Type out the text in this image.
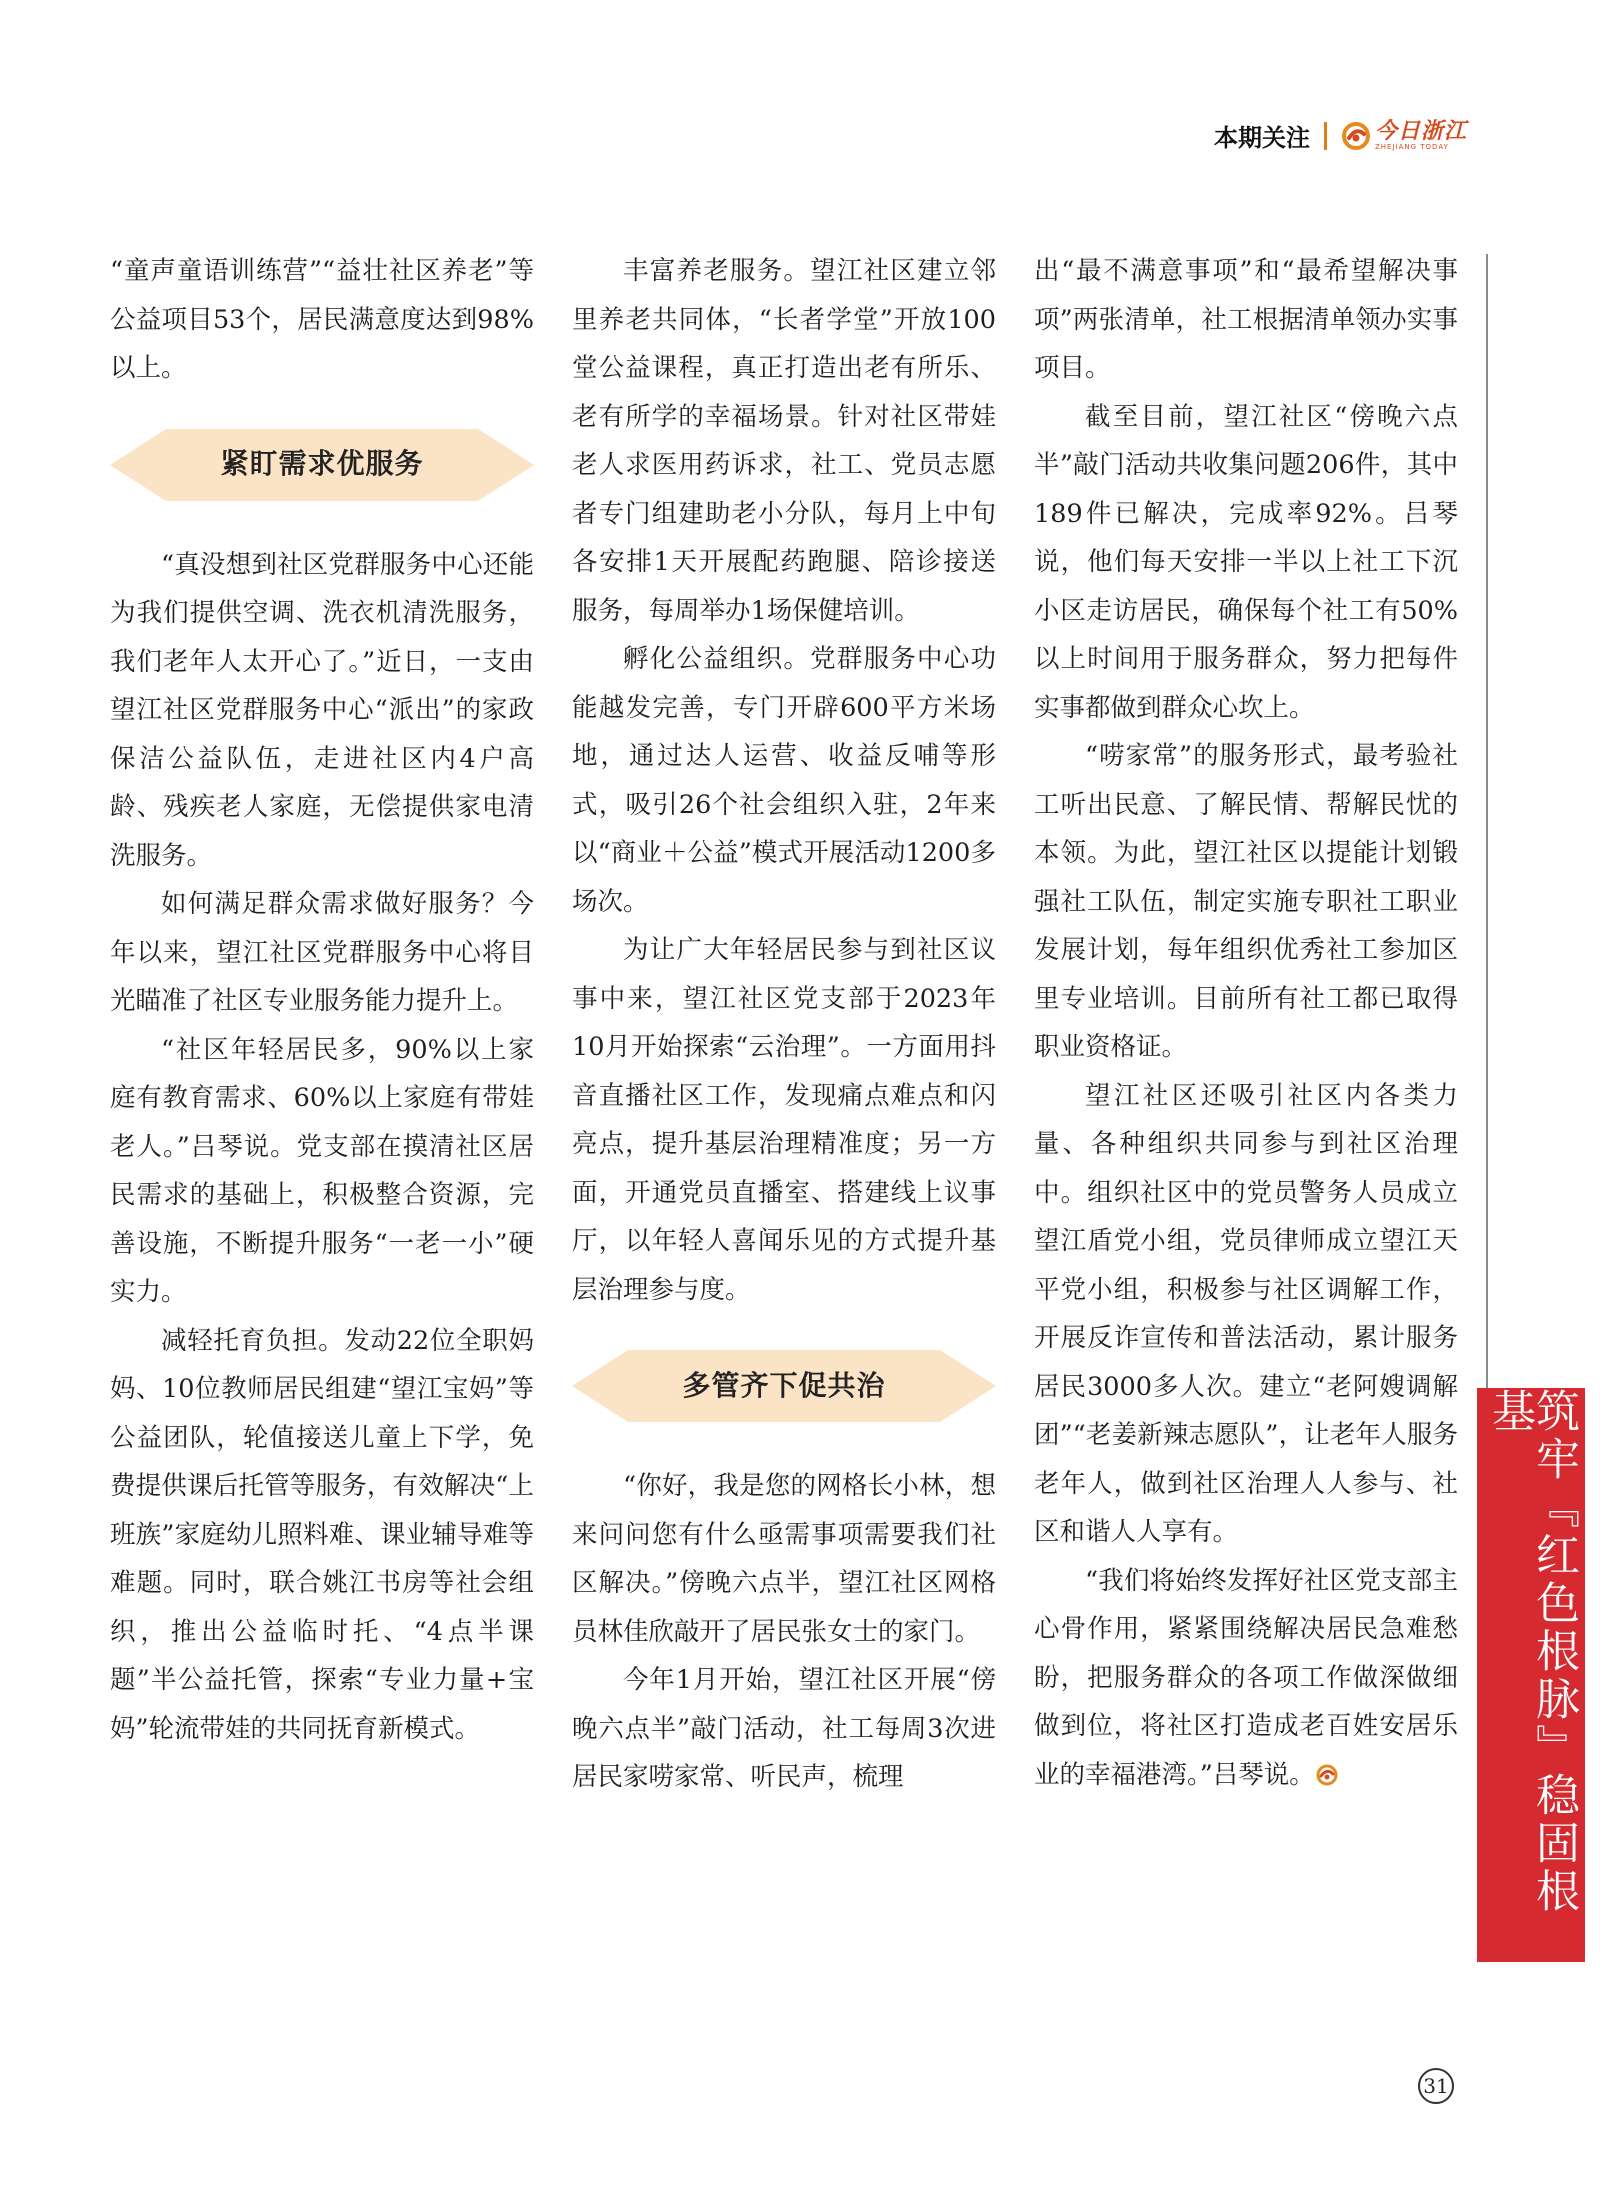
本期关注	今日浙江
ZHEJIANG TODAY

“童声童语训练营”“益壮社区养老”等公益项目53个，居民满意度达到98%以上。

紧盯需求优服务

“真没想到社区党群服务中心还能为我们提供空调、洗衣机清洗服务，我们老年人太开心了。”近日，一支由望江社区党群服务中心“派出”的家政保洁公益队伍，走进社区内4户高龄、残疾老人家庭，无偿提供家电清洗服务。

如何满足群众需求做好服务？今年以来，望江社区党群服务中心将目光瞄准了社区专业服务能力提升上。

“社区年轻居民多，90%以上家庭有教育需求、60%以上家庭有带娃老人。”吕琴说。党支部在摸清社区居民需求的基础上，积极整合资源，完善设施，不断提升服务“一老一小”硬实力。

减轻托育负担。发动22位全职妈妈、10位教师居民组建“望江宝妈”等公益团队，轮值接送儿童上下学，免费提供课后托管等服务，有效解决“上班族”家庭幼儿照料难、课业辅导难等难题。同时，联合姚江书房等社会组织，推出公益临时托、“4点半课题”半公益托管，探索“专业力量+宝妈”轮流带娃的共同抚育新模式。

丰富养老服务。望江社区建立邻里养老共同体，“长者学堂”开放100堂公益课程，真正打造出老有所乐、老有所学的幸福场景。针对社区带娃老人求医用药诉求，社工、党员志愿者专门组建助老小分队，每月上中旬各安排1天开展配药跑腿、陪诊接送服务，每周举办1场保健培训。

孵化公益组织。党群服务中心功能越发完善，专门开辟600平方米场地，通过达人运营、收益反哺等形式，吸引26个社会组织入驻，2年来以“商业＋公益”模式开展活动1200多场次。

为让广大年轻居民参与到社区议事中来，望江社区党支部于2023年10月开始探索“云治理”。一方面用抖音直播社区工作，发现痛点难点和闪亮点，提升基层治理精准度；另一方面，开通党员直播室、搭建线上议事厅，以年轻人喜闻乐见的方式提升基层治理参与度。

多管齐下促共治

“你好，我是您的网格长小林，想来问问您有什么亟需事项需要我们社区解决。”傍晚六点半，望江社区网格员林佳欣敲开了居民张女士的家门。

今年1月开始，望江社区开展“傍晚六点半”敲门活动，社工每周3次进居民家唠家常、听民声，梳理

出“最不满意事项”和“最希望解决事项”两张清单，社工根据清单领办实事项目。

截至目前，望江社区“傍晚六点半”敲门活动共收集问题206件，其中189件已解决，完成率92%。吕琴说，他们每天安排一半以上社工下沉小区走访居民，确保每个社工有50%以上时间用于服务群众，努力把每件实事都做到群众心坎上。

“唠家常”的服务形式，最考验社工听出民意、了解民情、帮解民忧的本领。为此，望江社区以提能计划锻强社工队伍，制定实施专职社工职业发展计划，每年组织优秀社工参加区里专业培训。目前所有社工都已取得职业资格证。

望江社区还吸引社区内各类力量、各种组织共同参与到社区治理中。组织社区中的党员警务人员成立望江盾党小组，党员律师成立望江天平党小组，积极参与社区调解工作，开展反诈宣传和普法活动，累计服务居民3000多人次。建立“老阿嫂调解团”“老姜新辣志愿队”，让老年人服务老年人，做到社区治理人人参与、社区和谐人人享有。

“我们将始终发挥好社区党支部主心骨作用，紧紧围绕解决居民急难愁盼，把服务群众的各项工作做深做细做到位，将社区打造成老百姓安居乐业的幸福港湾。”吕琴说。	筑牢『红色根脉』稳固根基
31
